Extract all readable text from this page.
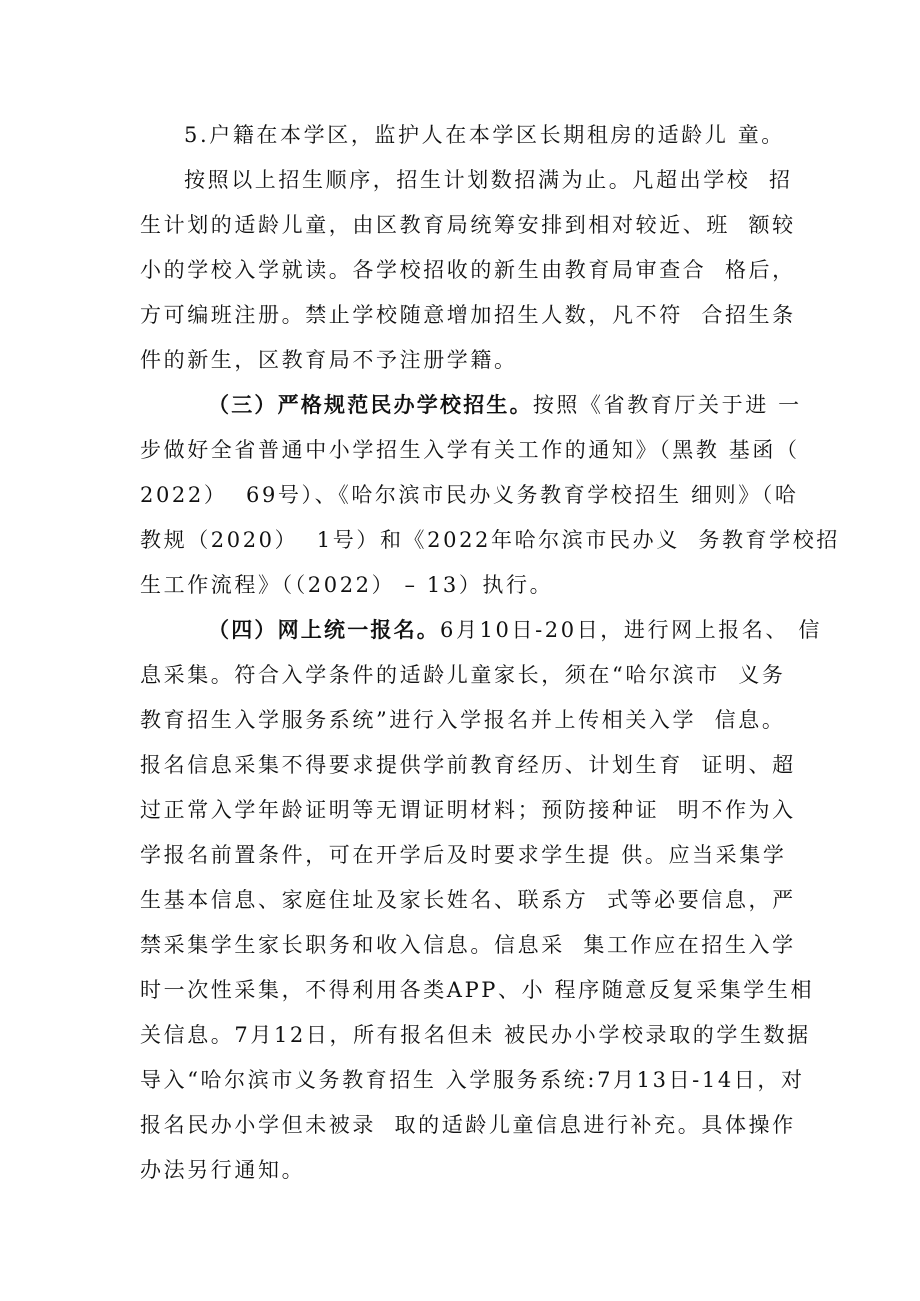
5.户籍在本学区，监护人在本学区长期租房的适龄儿 童。
按照以上招生顺序，招生计划数招满为止。凡超出学校  招
生计划的适龄儿童，由区教育局统筹安排到相对较近、班  额较
小的学校入学就读。各学校招收的新生由教育局审查合  格后，
方可编班注册。禁止学校随意增加招生人数，凡不符  合招生条
件的新生，区教育局不予注册学籍。
（三）严格规范民办学校招生。按照《省教育厅关于进 一
步做好全省普通中小学招生入学有关工作的通知》（黑教 基函（
2022）  69号）、《哈尔滨市民办义务教育学校招生 细则》（哈
教规（2020）  1号）和《2022年哈尔滨市民办义  务教育学校招
生工作流程》（（2022） – 13）执行。
（四）网上统一报名。6月10日-20日，进行网上报名、 信
息采集。符合入学条件的适龄儿童家长，须在“哈尔滨市  义务
教育招生入学服务系统”进行入学报名并上传相关入学  信息。
报名信息采集不得要求提供学前教育经历、计划生育  证明、超
过正常入学年龄证明等无谓证明材料；预防接种证  明不作为入
学报名前置条件，可在开学后及时要求学生提 供。应当采集学
生基本信息、家庭住址及家长姓名、联系方  式等必要信息，严
禁采集学生家长职务和收入信息。信息采  集工作应在招生入学
时一次性采集，不得利用各类APP、小 程序随意反复采集学生相
关信息。7月12日，所有报名但未 被民办小学校录取的学生数据
导入“哈尔滨市义务教育招生 入学服务系统:7月13日-14日，对
报名民办小学但未被录  取的适龄儿童信息进行补充。具体操作
办法另行通知。
